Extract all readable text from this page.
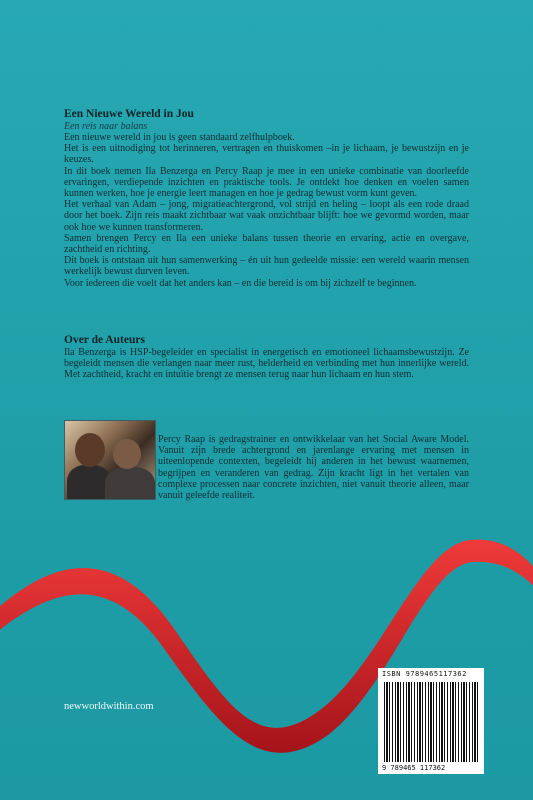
Een Nieuwe Wereld in Jou
Een reis naar balans

Een nieuwe wereld in jou is geen standaard zelfhulpboek.

Het is een uitnodiging tot herinneren, vertragen en thuiskomen –in je lichaam, je bewustzijn en je keuzes.

In dit boek nemen Ila Benzerga en Percy Raap je mee in een unieke combinatie van doorleefde ervaringen, verdiepende inzichten en praktische tools. Je ontdekt hoe denken en voelen samen kunnen werken, hoe je energie leert managen en hoe je gedrag bewust vorm kunt geven.

Het verhaal van Adam – jong, migratieachtergrond, vol strijd en heling – loopt als een rode draad door het boek. Zijn reis maakt zichtbaar wat vaak onzichtbaar blijft: hoe we gevormd worden, maar ook hoe we kunnen transformeren.

Samen brengen Percy en Ila een unieke balans tussen theorie en ervaring, actie en overgave, zachtheid en richting.

Dit boek is ontstaan uit hun samenwerking – én uit hun gedeelde missie: een wereld waarin mensen werkelijk bewust durven leven.

Voor iedereen die voelt dat het anders kan – en die bereid is om bij zichzelf te beginnen.

Over de Auteurs

Ila Benzerga is HSP-begeleider en specialist in energetisch en emotioneel lichaamsbewustzijn. Ze begeleidt mensen die verlangen naar meer rust, helderheid en verbinding met hun innerlijke wereld. Met zachtheid, kracht en intuïtie brengt ze mensen terug naar hun lichaam en hun stem.

Percy Raap is gedragstrainer en ontwikkelaar van het Social Aware Model. Vanuit zijn brede achtergrond en jarenlange ervaring met mensen in uiteenlopende contexten, begeleidt hij anderen in het bewust waarnemen, begrijpen en veranderen van gedrag. Zijn kracht ligt in het vertalen van complexe processen naar concrete inzichten, niet vanuit theorie alleen, maar vanuit geleefde realiteit.

newworldwithin.com
ISBN 9789465117362
9 789465 117362
